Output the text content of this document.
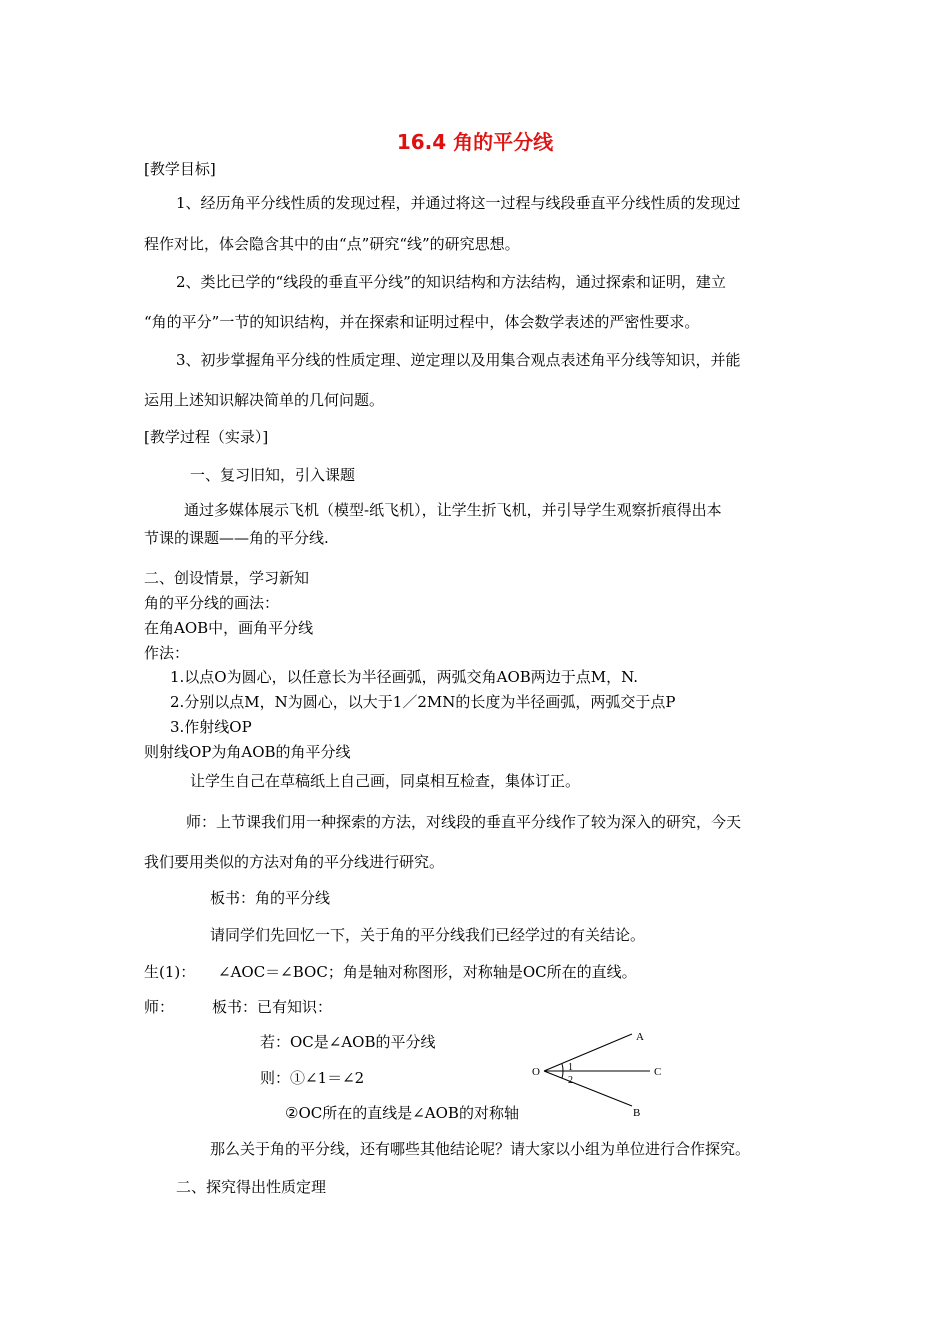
16.4 角的平分线
[教学目标]
1、经历角平分线性质的发现过程，并通过将这一过程与线段垂直平分线性质的发现过
程作对比，体会隐含其中的由“点”研究“线”的研究思想。
2、类比已学的“线段的垂直平分线”的知识结构和方法结构，通过探索和证明，建立
“角的平分”一节的知识结构，并在探索和证明过程中，体会数学表述的严密性要求。
3、初步掌握角平分线的性质定理、逆定理以及用集合观点表述角平分线等知识，并能
运用上述知识解决简单的几何问题。
[教学过程（实录）]
一、复习旧知，引入课题
通过多媒体展示飞机（模型-纸飞机），让学生折飞机，并引导学生观察折痕得出本
节课的课题——角的平分线.
二、创设情景，学习新知
角的平分线的画法：
在角AOB中，画角平分线
作法：
1.以点O为圆心，以任意长为半径画弧，两弧交角AOB两边于点M，N.
2.分别以点M，N为圆心，以大于1／2MN的长度为半径画弧，两弧交于点P
3.作射线OP
则射线OP为角AOB的角平分线
让学生自己在草稿纸上自己画，同桌相互检查，集体订正。
师：上节课我们用一种探索的方法，对线段的垂直平分线作了较为深入的研究，今天
我们要用类似的方法对角的平分线进行研究。
板书：角的平分线
请同学们先回忆一下，关于角的平分线我们已经学过的有关结论。
生(1)： ∠AOC＝∠BOC；角是轴对称图形，对称轴是OC所在的直线。
师：	板书：已有知识：
若：OC是∠AOB的平分线
则：①∠1＝∠2
②OC所在的直线是∠AOB的对称轴
A
C
B
O	1
2
那么关于角的平分线，还有哪些其他结论呢？请大家以小组为单位进行合作探究。
二、探究得出性质定理
